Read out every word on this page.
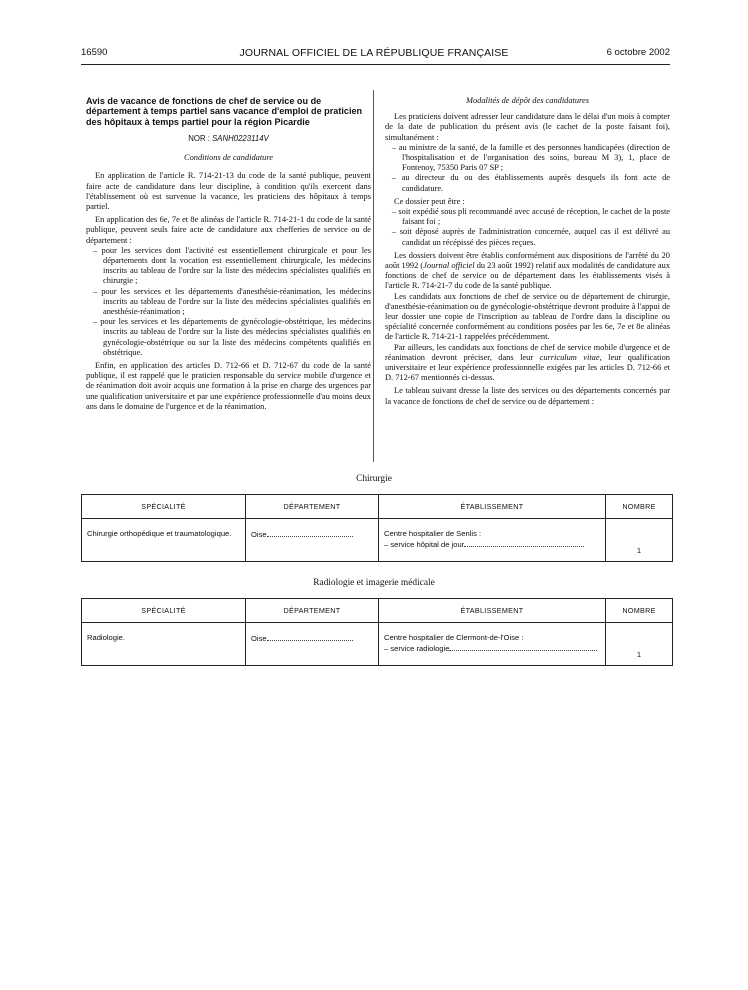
16590	JOURNAL OFFICIEL DE LA RÉPUBLIQUE FRANÇAISE	6 octobre 2002

Avis de vacance de fonctions de chef de service ou de département à temps partiel sans vacance d'emploi de praticien des hôpitaux à temps partiel pour la région Picardie

NOR : SANH0223114V

Conditions de candidature

En application de l'article R. 714-21-13 du code de la santé publique, peuvent faire acte de candidature dans leur discipline, à condition qu'ils exercent dans l'établissement où est survenue la vacance, les praticiens des hôpitaux à temps partiel.

En application des 6e, 7e et 8e alinéas de l'article R. 714-21-1 du code de la santé publique, peuvent seuls faire acte de candidature aux chefferies de service ou de département :

– pour les services dont l'activité est essentiellement chirurgicale et pour les départements dont la vocation est essentiellement chirurgicale, les médecins inscrits au tableau de l'ordre sur la liste des médecins spécialistes qualifiés en chirurgie ;
– pour les services et les départements d'anesthésie-réanimation, les médecins inscrits au tableau de l'ordre sur la liste des médecins spécialistes qualifiés en anesthésie-réanimation ;
– pour les services et les départements de gynécologie-obstétrique, les médecins inscrits au tableau de l'ordre sur la liste des médecins spécialistes qualifiés en gynécologie-obstétrique ou sur la liste des médecins compétents qualifiés en obstétrique.

Enfin, en application des articles D. 712-66 et D. 712-67 du code de la santé publique, il est rappelé que le praticien responsable du service mobile d'urgence et de réanimation doit avoir acquis une formation à la prise en charge des urgences par une qualification universitaire et par une expérience professionnelle d'au moins deux ans dans le domaine de l'urgence et de la réanimation.

Modalités de dépôt des candidatures

Les praticiens doivent adresser leur candidature dans le délai d'un mois à compter de la date de publication du présent avis (le cachet de la poste faisant foi), simultanément :

– au ministre de la santé, de la famille et des personnes handicapées (direction de l'hospitalisation et de l'organisation des soins, bureau M 3), 1, place de Fontenoy, 75350 Paris 07 SP ;
– au directeur du ou des établissements auprès desquels ils font acte de candidature.

Ce dossier peut être :

– soit expédié sous pli recommandé avec accusé de réception, le cachet de la poste faisant foi ;
– soit déposé auprès de l'administration concernée, auquel cas il est délivré au candidat un récépissé des pièces reçues.

Les dossiers doivent être établis conformément aux dispositions de l'arrêté du 20 août 1992 (Journal officiel du 23 août 1992) relatif aux modalités de candidature aux fonctions de chef de service ou de département dans les établissements visés à l'article R. 714-21-7 du code de la santé publique.

Les candidats aux fonctions de chef de service ou de département de chirurgie, d'anesthésie-réanimation ou de gynécologie-obstétrique devront produire à l'appui de leur dossier une copie de l'inscription au tableau de l'ordre dans la discipline ou spécialité concernée conformément au conditions posées par les 6e, 7e et 8e alinéas de l'article R. 714-21-1 rappelées précédemment.

Par ailleurs, les candidats aux fonctions de chef de service mobile d'urgence et de réanimation devront préciser, dans leur curriculum vitae, leur qualification universitaire et leur expérience professionnelle exigées par les articles D. 712-66 et D. 712-67 mentionnés ci-dessus.

Le tableau suivant dresse la liste des services ou des départements concernés par la vacance de fonctions de chef de service ou de département :

Chirurgie
SPÉCIALITÉ	DÉPARTEMENT	ÉTABLISSEMENT	NOMBRE
Chirurgie orthopédique et traumatologique.	Oise	Centre hospitalier de Senlis :
– service hôpital de jour	1
Radiologie et imagerie médicale
SPÉCIALITÉ	DÉPARTEMENT	ÉTABLISSEMENT	NOMBRE
Radiologie.	Oise	Centre hospitalier de Clermont-de-l'Oise :
– service radiologie	1
